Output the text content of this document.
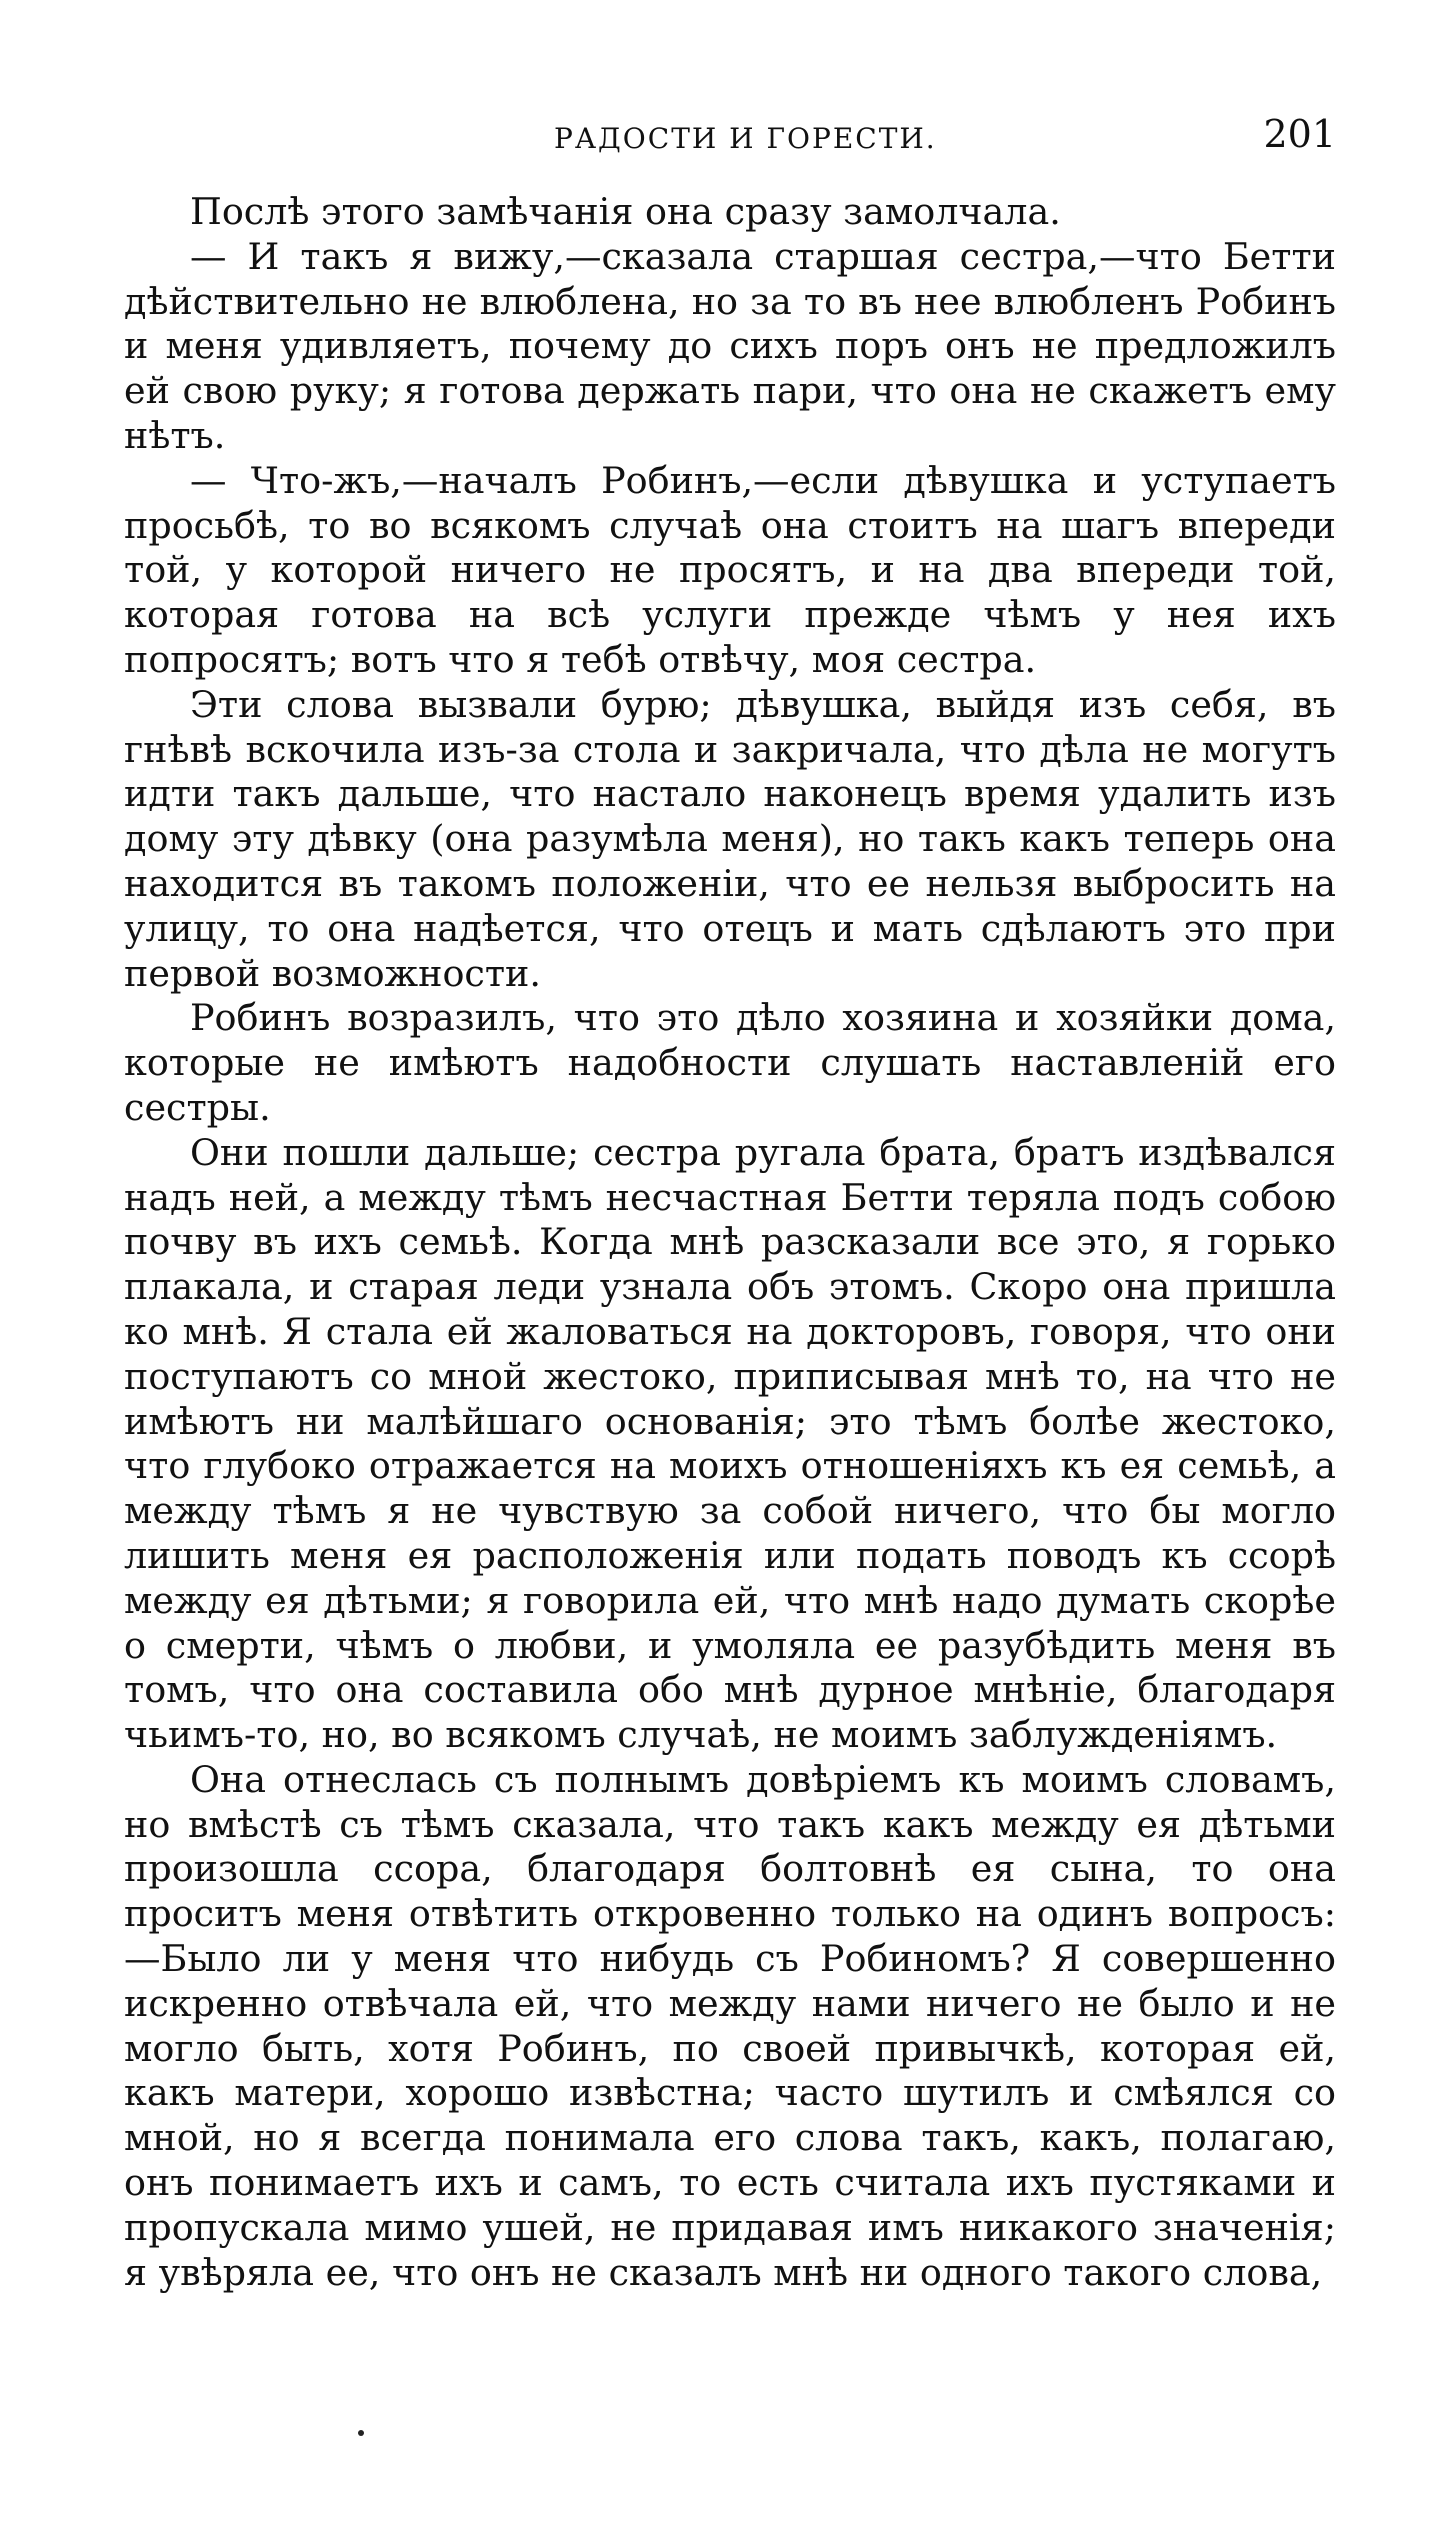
РАДОСТИ И ГОРЕСТИ.	201

Послѣ этого замѣчанія она сразу замолчала.

— И такъ я вижу,—сказала старшая сестра,—что Бетти дѣйствительно не влюблена, но за то въ нее влюбленъ Робинъ и меня удивляетъ, почему до сихъ поръ онъ не предложилъ ей свою руку; я готова держать пари, что она не скажетъ ему нѣтъ.

— Что-жъ,—началъ Робинъ,—если дѣвушка и уступаетъ просьбѣ, то во всякомъ случаѣ она стоитъ на шагъ впереди той, у которой ничего не просятъ, и на два впереди той, которая готова на всѣ услуги прежде чѣмъ у нея ихъ попросятъ; вотъ что я тебѣ отвѣчу, моя сестра.

Эти слова вызвали бурю; дѣвушка, выйдя изъ себя, въ гнѣвѣ вскочила изъ-за стола и закричала, что дѣла не могутъ идти такъ дальше, что настало наконецъ время удалить изъ дому эту дѣвку (она разумѣла меня), но такъ какъ теперь она находится въ такомъ положеніи, что ее нельзя выбросить на улицу, то она надѣется, что отецъ и мать сдѣлаютъ это при первой возможности.

Робинъ возразилъ, что это дѣло хозяина и хозяйки дома, которые не имѣютъ надобности слушать наставленій его сестры.

Они пошли дальше; сестра ругала брата, братъ издѣвался надъ ней, а между тѣмъ несчастная Бетти теряла подъ собою почву въ ихъ семьѣ. Когда мнѣ разсказали все это, я горько плакала, и старая леди узнала объ этомъ. Скоро она пришла ко мнѣ. Я стала ей жаловаться на докторовъ, говоря, что они поступаютъ со мной жестоко, приписывая мнѣ то, на что не имѣютъ ни малѣйшаго основанія; это тѣмъ болѣе жестоко, что глубоко отражается на моихъ отношеніяхъ къ ея семьѣ, а между тѣмъ я не чувствую за собой ничего, что бы могло лишить меня ея расположенія или подать поводъ къ ссорѣ между ея дѣтьми; я говорила ей, что мнѣ надо думать скорѣе о смерти, чѣмъ о любви, и умоляла ее разубѣдить меня въ томъ, что она составила обо мнѣ дурное мнѣніе, благодаря чьимъ-то, но, во всякомъ случаѣ, не моимъ заблужденіямъ.

Она отнеслась съ полнымъ довѣріемъ къ моимъ словамъ, но вмѣстѣ съ тѣмъ сказала, что такъ какъ между ея дѣтьми произошла ссора, благодаря болтовнѣ ея сына, то она проситъ меня отвѣтить откровенно только на одинъ вопросъ:—Было ли у меня что нибудь съ Робиномъ? Я совершенно искренно отвѣчала ей, что между нами ничего не было и не могло быть, хотя Робинъ, по своей привычкѣ, которая ей, какъ матери, хорошо извѣстна; часто шутилъ и смѣялся со мной, но я всегда понимала его слова такъ, какъ, полагаю, онъ понимаетъ ихъ и самъ, то есть считала ихъ пустяками и пропускала мимо ушей, не придавая имъ никакого значенія; я увѣряла ее, что онъ не сказалъ мнѣ ни одного такого слова,
